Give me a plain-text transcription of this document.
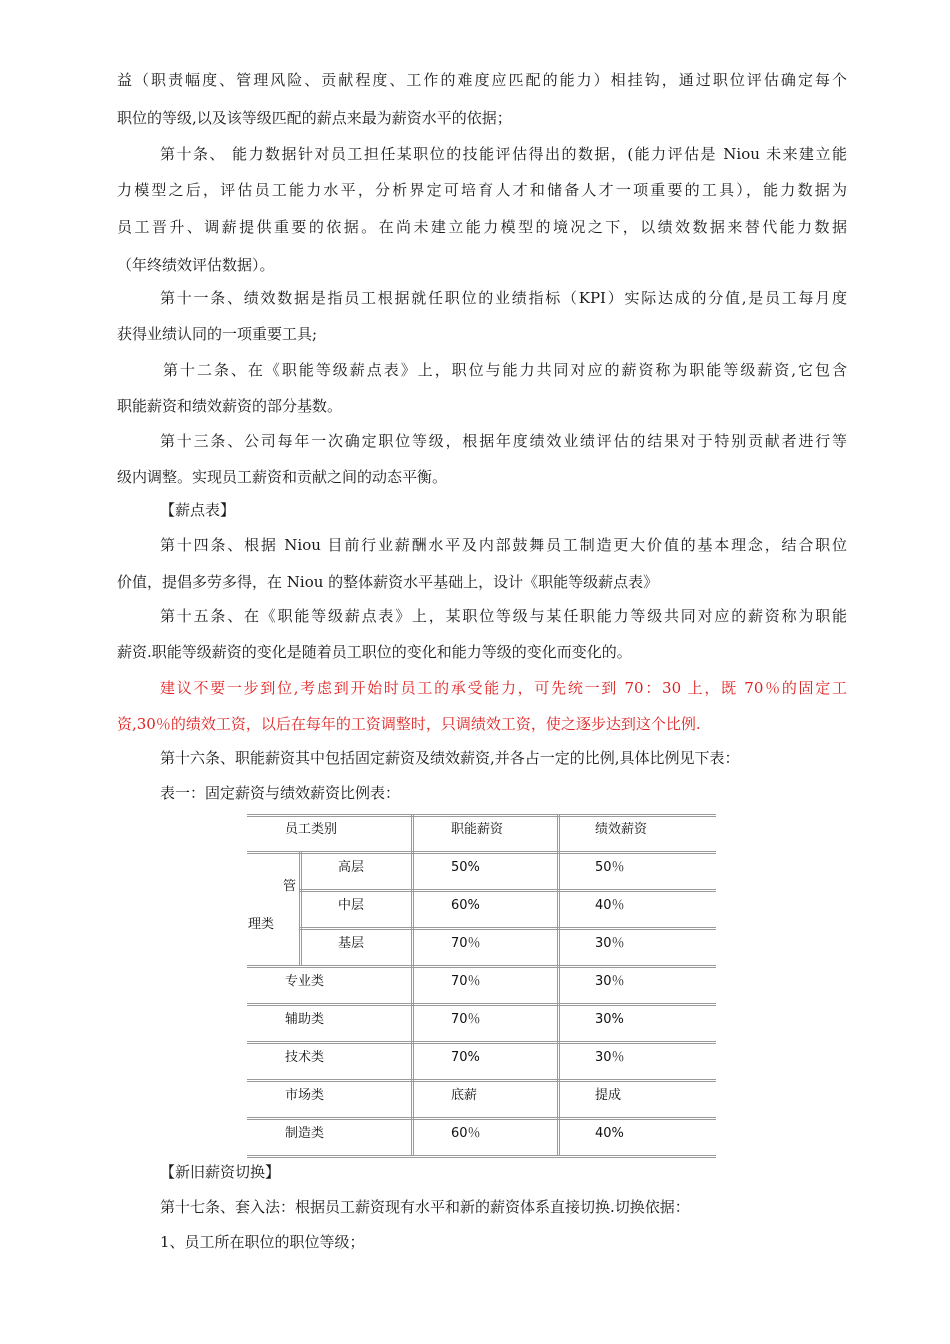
益（职责幅度、管理风险、贡献程度、工作的难度应匹配的能力）相挂钩，通过职位评估确定每个
职位的等级,以及该等级匹配的薪点来最为薪资水平的依据；
第十条、 能力数据针对员工担任某职位的技能评估得出的数据，(能力评估是 Niou 未来建立能
力模型之后，评估员工能力水平，分析界定可培育人才和储备人才一项重要的工具），能力数据为
员工晋升、调薪提供重要的依据。在尚未建立能力模型的境况之下，以绩效数据来替代能力数据
（年终绩效评估数据）。
第十一条、绩效数据是指员工根据就任职位的业绩指标（KPI）实际达成的分值,是员工每月度
获得业绩认同的一项重要工具;
第十二条、在《职能等级薪点表》上，职位与能力共同对应的薪资称为职能等级薪资,它包含
职能薪资和绩效薪资的部分基数。
第十三条、公司每年一次确定职位等级，根据年度绩效业绩评估的结果对于特别贡献者进行等
级内调整。实现员工薪资和贡献之间的动态平衡。
【薪点表】
第十四条、根据 Niou 目前行业薪酬水平及内部鼓舞员工制造更大价值的基本理念，结合职位
价值，提倡多劳多得，在 Niou 的整体薪资水平基础上，设计《职能等级薪点表》
第十五条、在《职能等级薪点表》上，某职位等级与某任职能力等级共同对应的薪资称为职能
薪资.职能等级薪资的变化是随着员工职位的变化和能力等级的变化而变化的。
建议不要一步到位,考虑到开始时员工的承受能力，可先统一到 70：30 上，既 70％的固定工
资,30％的绩效工资，以后在每年的工资调整时，只调绩效工资，使之逐步达到这个比例.
第十六条、职能薪资其中包括固定薪资及绩效薪资,并各占一定的比例,具体比例见下表：
表一：固定薪资与绩效薪资比例表：
员工类别	职能薪资	绩效薪资
管
理类
高层	50%	50％
中层	60%	40％
基层	70％	30％
专业类	70％	30％
辅助类	70％	30%
技术类	70%	30％
市场类	底薪	提成
制造类	60％	40%
【新旧薪资切换】
第十七条、套入法：根据员工薪资现有水平和新的薪资体系直接切换.切换依据：
1、员工所在职位的职位等级；
